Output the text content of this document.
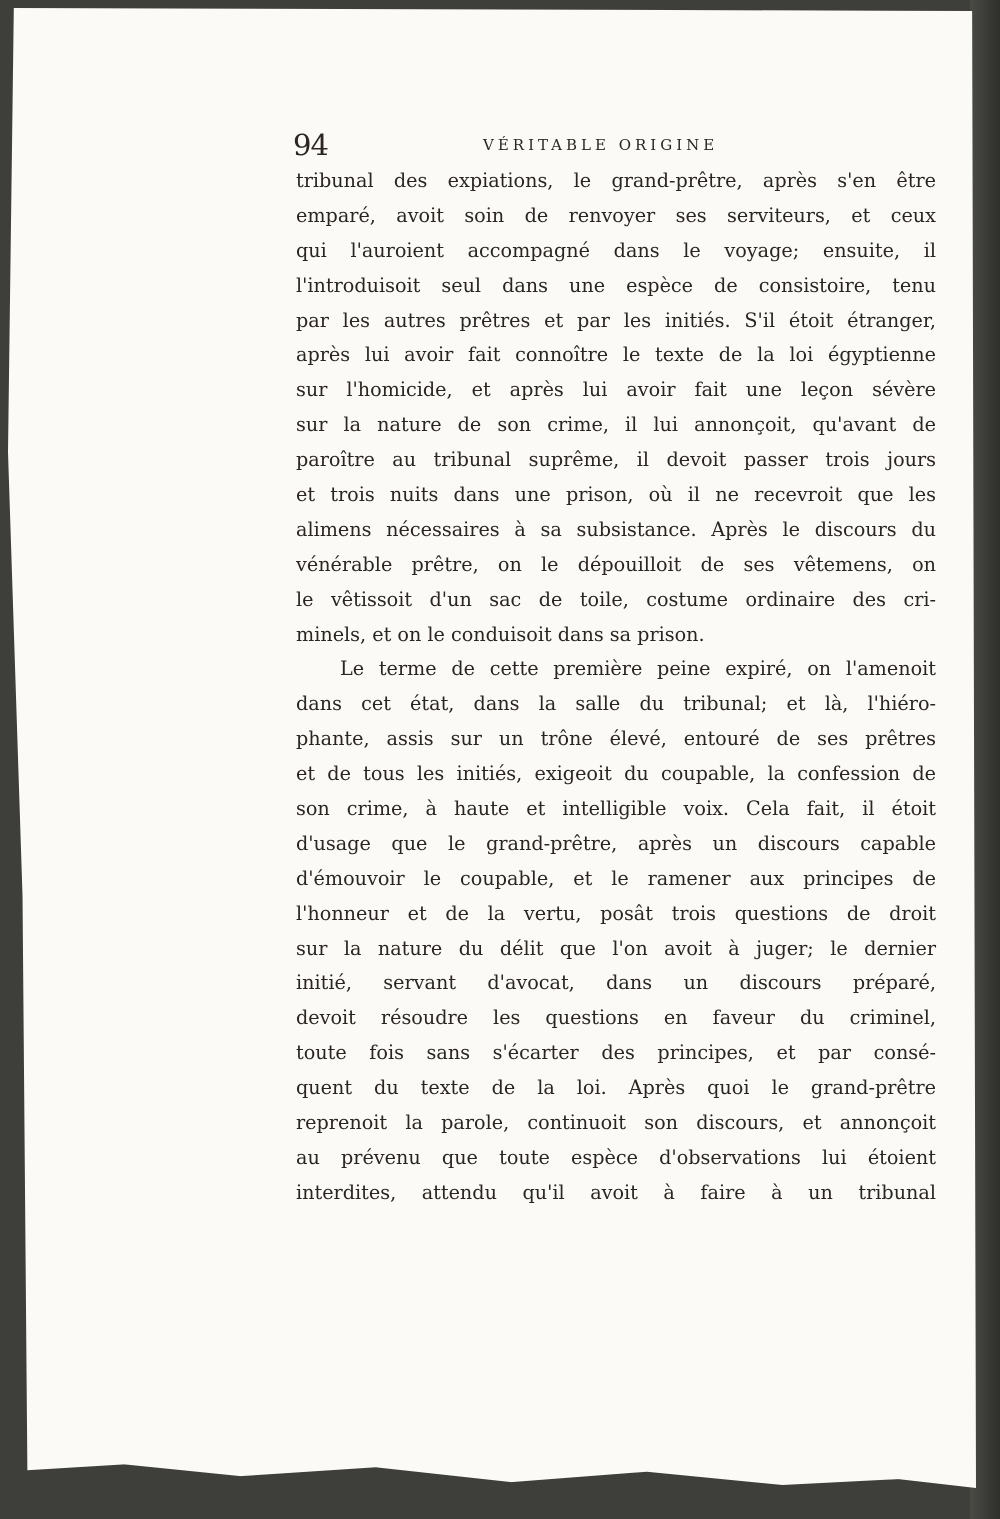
94	VÉRITABLE ORIGINE
tribunal des expiations, le grand-prêtre, après s'en être
emparé, avoit soin de renvoyer ses serviteurs, et ceux
qui l'auroient accompagné dans le voyage; ensuite, il
l'introduisoit seul dans une espèce de consistoire, tenu
par les autres prêtres et par les initiés. S'il étoit étranger,
après lui avoir fait connoître le texte de la loi égyptienne
sur l'homicide, et après lui avoir fait une leçon sévère
sur la nature de son crime, il lui annonçoit, qu'avant de
paroître au tribunal suprême, il devoit passer trois jours
et trois nuits dans une prison, où il ne recevroit que les
alimens nécessaires à sa subsistance. Après le discours du
vénérable prêtre, on le dépouilloit de ses vêtemens, on
le vêtissoit d'un sac de toile, costume ordinaire des cri-
minels, et on le conduisoit dans sa prison.
Le terme de cette première peine expiré, on l'amenoit
dans cet état, dans la salle du tribunal; et là, l'hiéro-
phante, assis sur un trône élevé, entouré de ses prêtres
et de tous les initiés, exigeoit du coupable, la confession de
son crime, à haute et intelligible voix. Cela fait, il étoit
d'usage que le grand-prêtre, après un discours capable
d'émouvoir le coupable, et le ramener aux principes de
l'honneur et de la vertu, posât trois questions de droit
sur la nature du délit que l'on avoit à juger; le dernier
initié, servant d'avocat, dans un discours préparé,
devoit résoudre les questions en faveur du criminel,
toute fois sans s'écarter des principes, et par consé-
quent du texte de la loi. Après quoi le grand-prêtre
reprenoit la parole, continuoit son discours, et annonçoit
au prévenu que toute espèce d'observations lui étoient
interdites, attendu qu'il avoit à faire à un tribunal
